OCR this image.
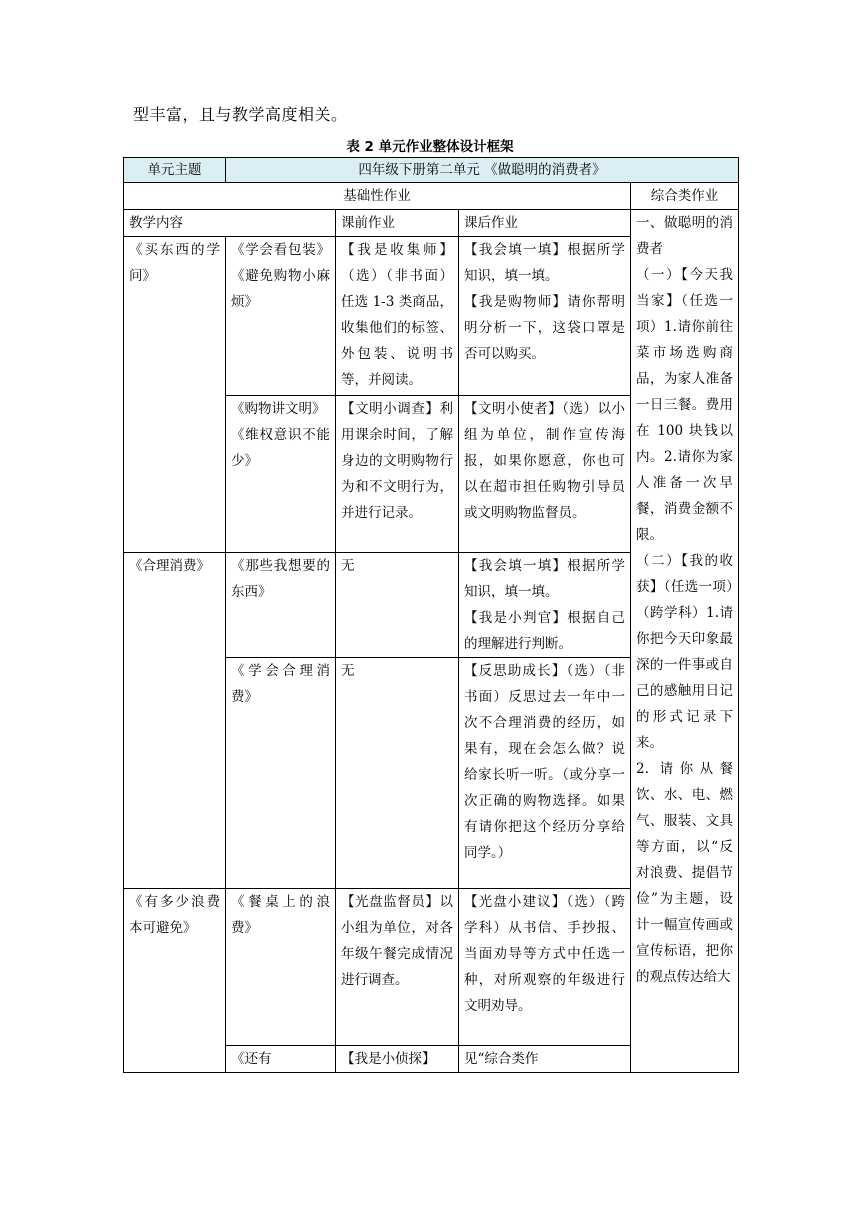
型丰富，且与教学高度相关。
表 2 单元作业整体设计框架
单元主题	四年级下册第二单元 《做聪明的消费者》				
基础性作业				综合类作业	
教学内容		课前作业	课后作业	一、做聪明的消费者
（一）【今天我当家】（任选一项）1.请你前往菜市场选购商品，为家人准备一日三餐。费用在 100 块钱以内。2.请你为家人准备一次早餐，消费金额不限。
（二）【我的收获】（任选一项）（跨学科）1.请你把今天印象最深的一件事或自己的感触用日记的形式记录下来。
2. 请你从餐饮、水、电、燃气、服装、文具等方面，以“反对浪费、提倡节俭”为主题，设计一幅宣传画或宣传标语，把你的观点传达给大	

《买东西的学问》	《学会看包装》《避免购物小麻烦》	【我是收集师】（选）（非书面）任选 1-3 类商品，收集他们的标签、外包装、说明书等，并阅读。	【我会填一填】根据所学知识，填一填。
【我是购物师】请你帮明明分析一下，这袋口罩是否可以购买。		

	《购物讲文明》
《维权意识不能少》	【文明小调查】利用课余时间，了解身边的文明购物行为和不文明行为，并进行记录。	【文明小使者】（选）以小组为单位，制作宣传海报，如果你愿意，你也可以在超市担任购物引导员或文明购物监督员。		
《合理消费》	《那些我想要的东西》	无	【我会填一填】根据所学知识，填一填。
【我是小判官】根据自己的理解进行判断。		

	《学会合理消费》	无	【反思助成长】（选）（非书面）反思过去一年中一次不合理消费的经历，如果有，现在会怎么做？说给家长听一听。（或分享一次正确的购物选择。如果有请你把这个经历分享给同学。）		
《有多少浪费本可避免》	《餐桌上的浪费》	【光盘监督员】以小组为单位，对各年级午餐完成情况进行调查。	【光盘小建议】（选）（跨学科）从书信、手抄报、当面劝导等方式中任选一种，对所观察的年级进行文明劝导。		
	《还有	【我是小侦探】	见“综合类作		
